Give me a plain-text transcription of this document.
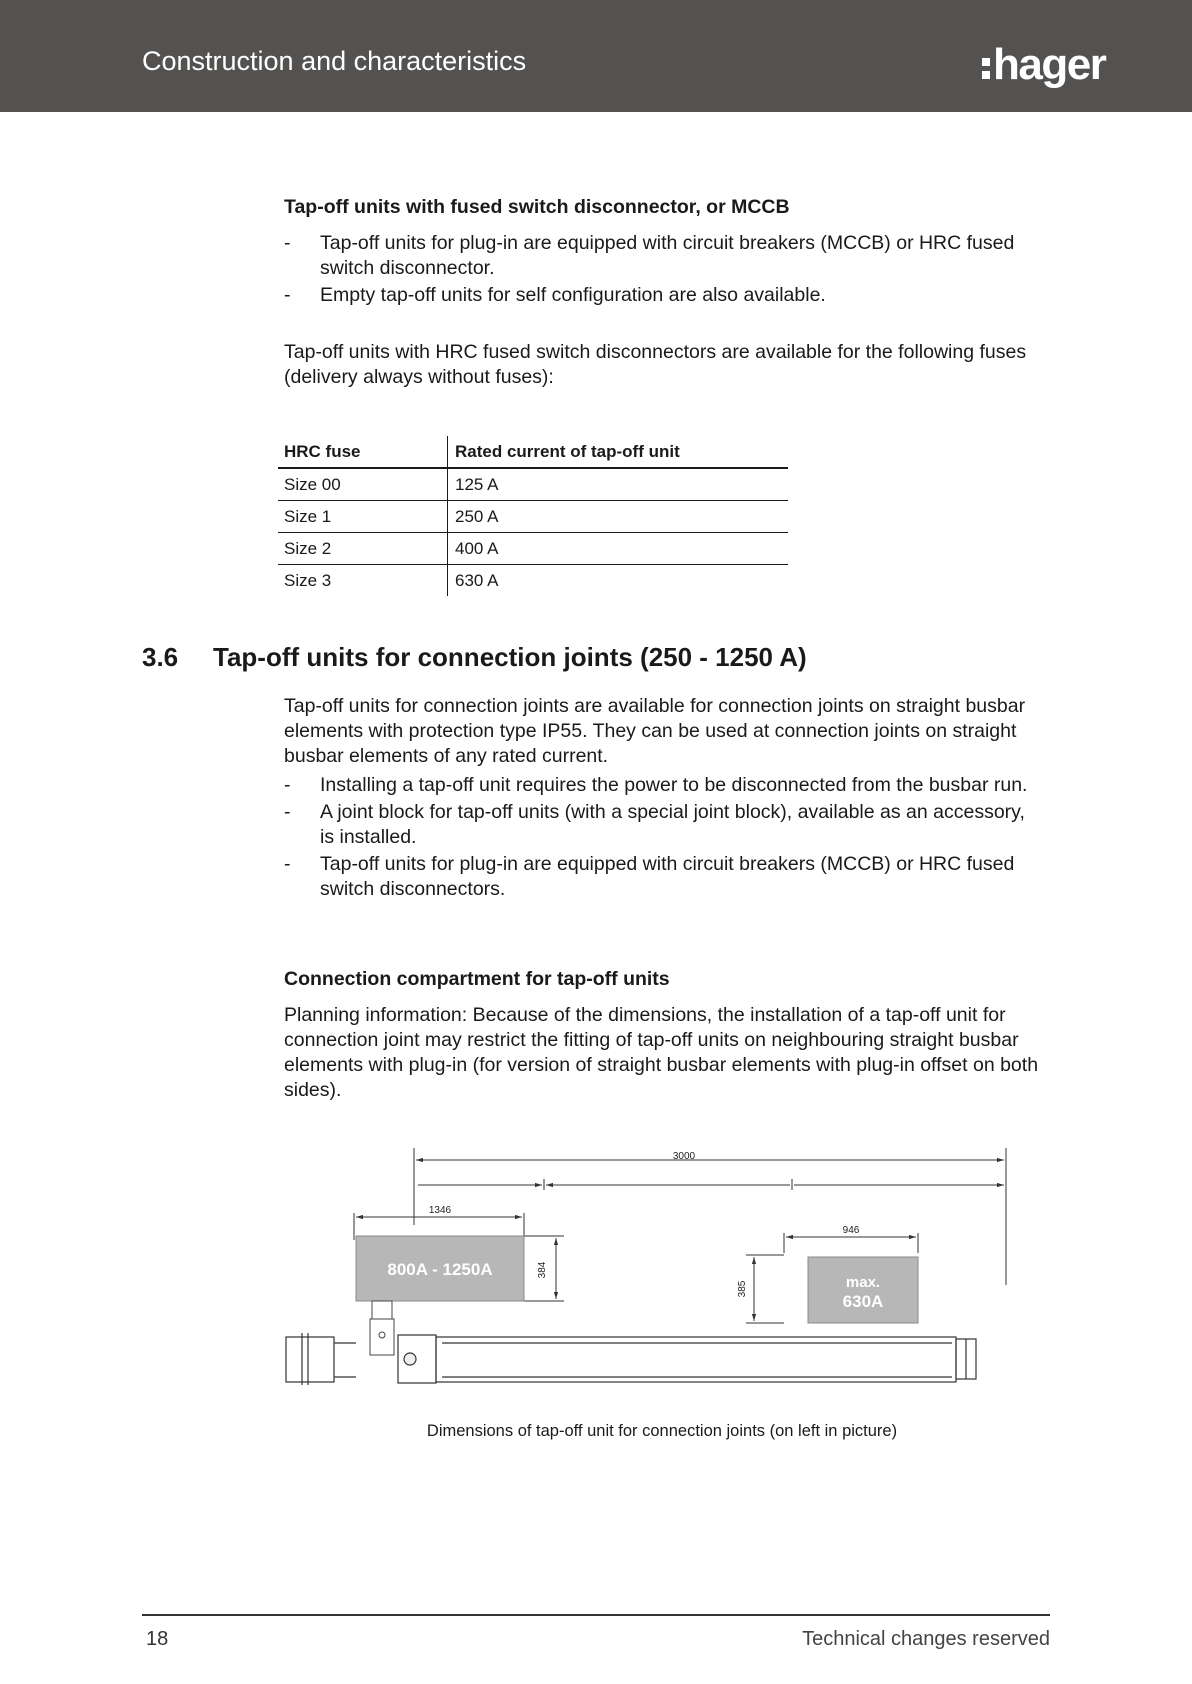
Construction and characteristics	hager

Tap-off units with fused switch disconnector, or MCCB

- Tap-off units for plug-in are equipped with circuit breakers (MCCB) or HRC fused switch disconnector.
- Empty tap-off units for self configuration are also available.

Tap-off units with HRC fused switch disconnectors are available for the following fuses (delivery always without fuses):

HRC fuse	Rated current of tap-off unit
Size 00	125 A
Size 1	250 A
Size 2	400 A
Size 3	630 A
3.6 Tap-off units for connection joints (250 - 1250 A)

Tap-off units for connection joints are available for connection joints on straight busbar elements with protection type IP55. They can be used at connection joints on straight busbar elements of any rated current.

- Installing a tap-off unit requires the power to be disconnected from the busbar run.
- A joint block for tap-off units (with a special joint block), available as an accessory, is installed.
- Tap-off units for plug-in are equipped with circuit breakers (MCCB) or HRC fused switch disconnectors.

Connection compartment for tap-off units

Planning information: Because of the dimensions, the installation of a tap-off unit for connection joint may restrict the fitting of tap-off units on neighbouring straight busbar elements with plug-in (for version of straight busbar elements with plug-in offset on both sides).

3000
1346
946
384
385
800A - 1250A
max.
630A
Dimensions of tap-off unit for connection joints (on left in picture)
18	Technical changes reserved
